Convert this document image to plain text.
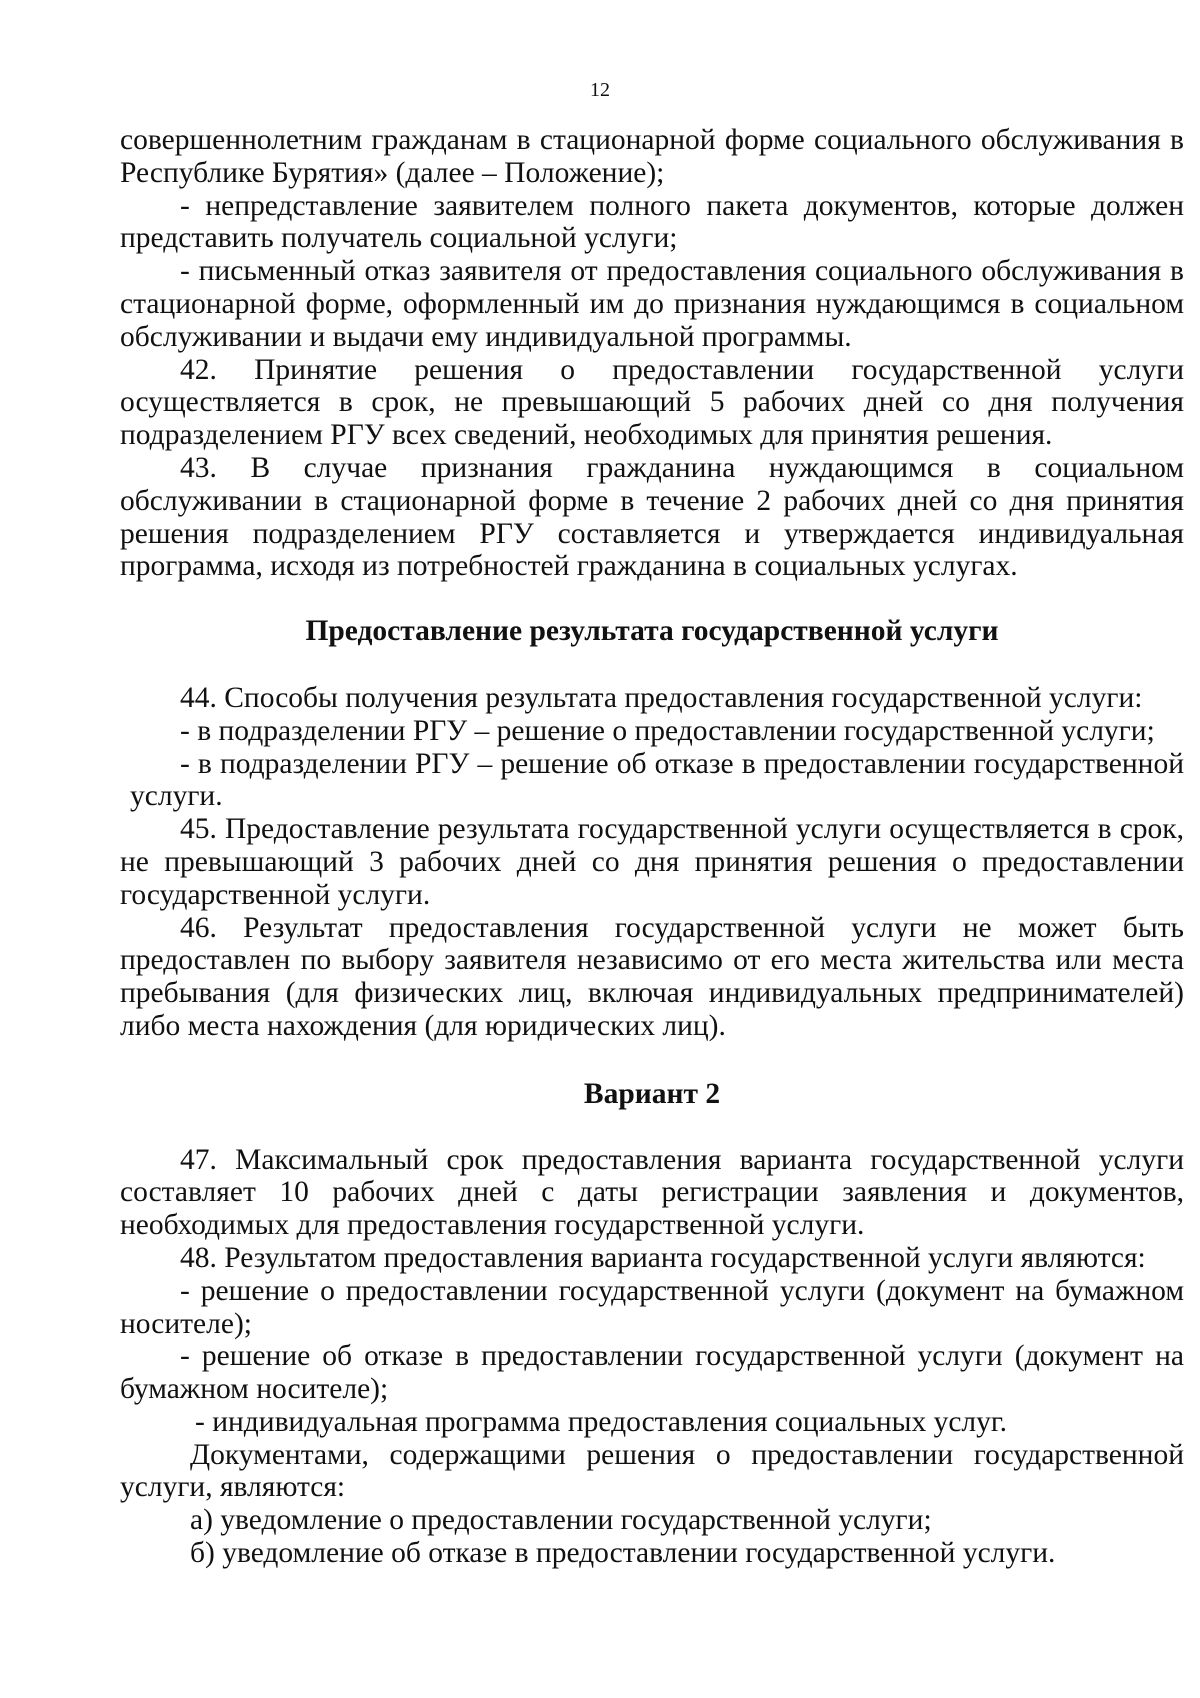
12

совершеннолетним гражданам в стационарной форме социального обслуживания в Республике Бурятия» (далее – Положение);

- непредставление заявителем полного пакета документов, которые должен представить получатель социальной услуги;

- письменный отказ заявителя от предоставления социального обслуживания в стационарной форме, оформленный им до признания нуждающимся в социальном обслуживании и выдачи ему индивидуальной программы.

42. Принятие решения о предоставлении государственной услуги осуществляется в срок, не превышающий 5 рабочих дней со дня получения подразделением РГУ всех сведений, необходимых для принятия решения.

43. В случае признания гражданина нуждающимся в социальном обслуживании в стационарной форме в течение 2 рабочих дней со дня принятия решения подразделением РГУ составляется и утверждается индивидуальная программа, исходя из потребностей гражданина в социальных услугах.

Предоставление результата государственной услуги

44. Способы получения результата предоставления государственной услуги:

- в подразделении РГУ – решение о предоставлении государственной услуги;

- в подразделении РГУ – решение об отказе в предоставлении государственной услуги.

45. Предоставление результата государственной услуги осуществляется в срок, не превышающий 3 рабочих дней со дня принятия решения о предоставлении государственной услуги.

46. Результат предоставления государственной услуги не может быть предоставлен по выбору заявителя независимо от его места жительства или места пребывания (для физических лиц, включая индивидуальных предпринимателей) либо места нахождения (для юридических лиц).

Вариант 2

47. Максимальный срок предоставления варианта государственной услуги составляет 10 рабочих дней с даты регистрации заявления и документов, необходимых для предоставления государственной услуги.

48. Результатом предоставления варианта государственной услуги являются:

- решение о предоставлении государственной услуги (документ на бумажном носителе);

- решение об отказе в предоставлении государственной услуги (документ на бумажном носителе);

- индивидуальная программа предоставления социальных услуг.

Документами, содержащими решения о предоставлении государственной услуги, являются:

а) уведомление о предоставлении государственной услуги;

б) уведомление об отказе в предоставлении государственной услуги.
